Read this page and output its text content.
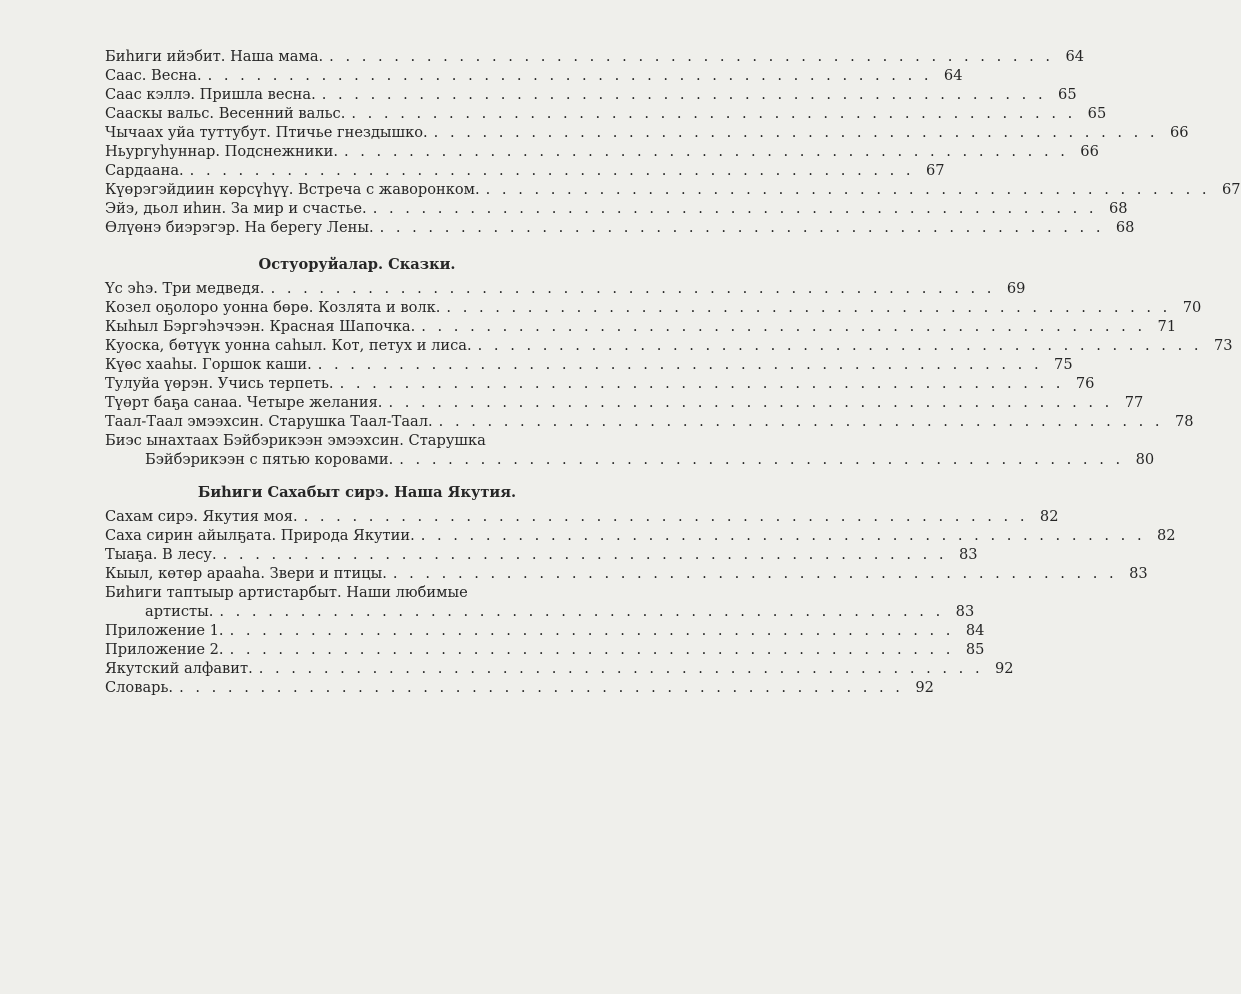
Биһиги ийэбит. Наша мама. . . .	64
Саас. Весна. . . .	64
Саас кэллэ. Пришла весна. . . .	65
Сааскы вальс. Весенний вальс. . . .	65
Чычаах уйа туттубут. Птичье гнездышко. . . .	66
Ньургуһуннар. Подснежники. . . .	66
Сардаана. . . .	67
Күөрэгэйдиин көрсүһүү. Встреча с жаворонком. . . .	67
Эйэ, дьол иһин. За мир и счастье. . . .	68
Өлүөнэ биэрэгэр. На берегу Лены. . . .	68
Остуоруйалар. Сказки.
Үс эһэ. Три медведя. . . .	69
Козел оҕолоро уонна бөрө. Козлята и волк. . . .	70
Кыһыл Бэргэһэчээн. Красная Шапочка. . . .	71
Куоска, бөтүүк уонна саһыл. Кот, петух и лиса. . . .	73
Күөс хааһы. Горшок каши. . . .	75
Тулуйа үөрэн. Учись терпеть. . . .	76
Түөрт баҕа санаа. Четыре желания. . . .	77
Таал-Таал эмээхсин. Старушка Таал-Таал. . . .	78
Биэс ынахтаах Бэйбэрикээн эмээхсин. Старушка
Бэйбэрикээн с пятью коровами. . . .	80
Биһиги Сахабыт сирэ. Наша Якутия.
Сахам сирэ. Якутия моя. . . .	82
Саха сирин айылҕата. Природа Якутии. . . .	82
Тыаҕа. В лесу. . . .	83
Кыыл, көтөр арааһа. Звери и птицы. . . .	83
Биһиги таптыыр артистарбыт. Наши любимые
артисты. . . .	83
Приложение 1. . . .	84
Приложение 2. . . .	85
Якутский алфавит. . . .	92
Словарь. . . .	92
